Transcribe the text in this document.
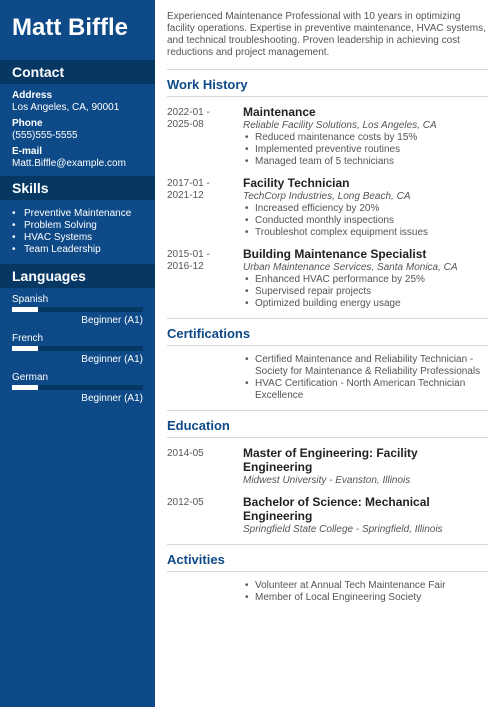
Matt Biffle
Contact
Address
Los Angeles, CA, 90001
Phone
(555)555-5555
E-mail
Matt.Biffle@example.com
Skills
• Preventive Maintenance
• Problem Solving
• HVAC Systems
• Team Leadership
Languages
Spanish
Beginner (A1)
French
Beginner (A1)
German
Beginner (A1)
Experienced Maintenance Professional with 10 years in optimizing facility operations. Expertise in preventive maintenance, HVAC systems, and technical troubleshooting. Proven leadership in achieving cost reductions and project management.
Work History
2022-01 -
2025-08
Maintenance
Reliable Facility Solutions, Los Angeles, CA
• Reduced maintenance costs by 15%
• Implemented preventive routines
• Managed team of 5 technicians
2017-01 -
2021-12
Facility Technician
TechCorp Industries, Long Beach, CA
• Increased efficiency by 20%
• Conducted monthly inspections
• Troubleshot complex equipment issues
2015-01 -
2016-12
Building Maintenance Specialist
Urban Maintenance Services, Santa Monica, CA
• Enhanced HVAC performance by 25%
• Supervised repair projects
• Optimized building energy usage
Certifications
• Certified Maintenance and Reliability Technician - Society for Maintenance & Reliability Professionals
• HVAC Certification - North American Technician Excellence
Education
2014-05	Master of Engineering: Facility Engineering
Midwest University - Evanston, Illinois
2012-05	Bachelor of Science: Mechanical Engineering
Springfield State College - Springfield, Illinois
Activities
• Volunteer at Annual Tech Maintenance Fair
• Member of Local Engineering Society
